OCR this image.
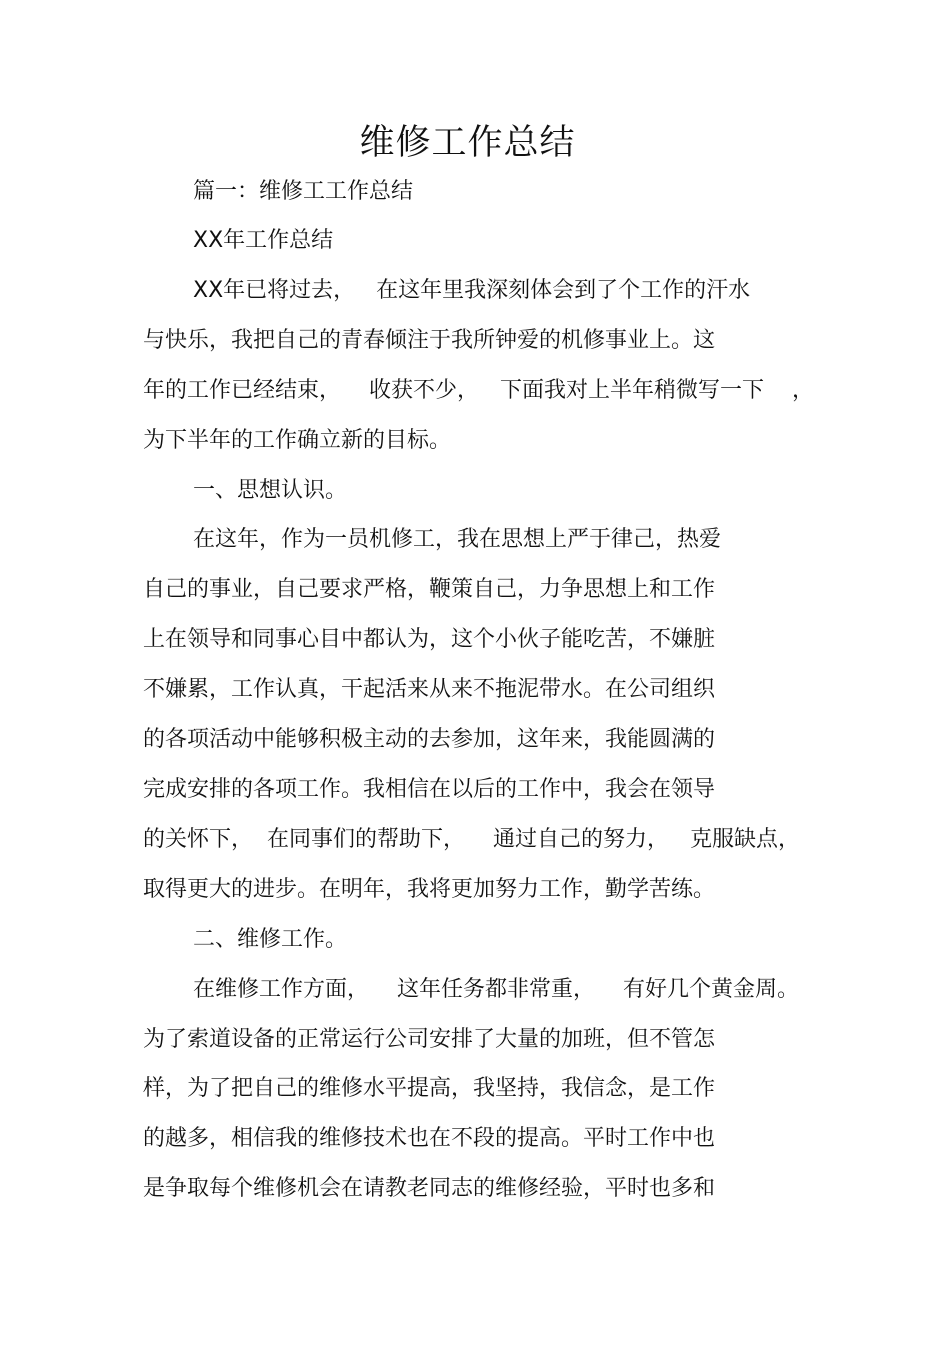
维修工作总结
篇一：维修工工作总结
XX年工作总结
XX年已将过去，   在这年里我深刻体会到了个工作的汗水
与快乐，我把自己的青春倾注于我所钟爱的机修事业上。这
年的工作已经结束，    收获不少，   下面我对上半年稍微写一下 ，
为下半年的工作确立新的目标。
一、思想认识。
在这年，作为一员机修工，我在思想上严于律己，热爱
自己的事业，自己要求严格，鞭策自己，力争思想上和工作
上在领导和同事心目中都认为，这个小伙子能吃苦，不嫌脏
不嫌累，工作认真，干起活来从来不拖泥带水。在公司组织
的各项活动中能够积极主动的去参加，这年来，我能圆满的
完成安排的各项工作。我相信在以后的工作中，我会在领导
的关怀下，  在同事们的帮助下，    通过自己的努力，   克服缺点，
取得更大的进步。在明年，我将更加努力工作，勤学苦练。
二、维修工作。
在维修工作方面，    这年任务都非常重，    有好几个黄金周。
为了索道设备的正常运行公司安排了大量的加班，但不管怎
样，为了把自己的维修水平提高，我坚持，我信念，是工作
的越多，相信我的维修技术也在不段的提高。平时工作中也
是争取每个维修机会在请教老同志的维修经验，平时也多和
